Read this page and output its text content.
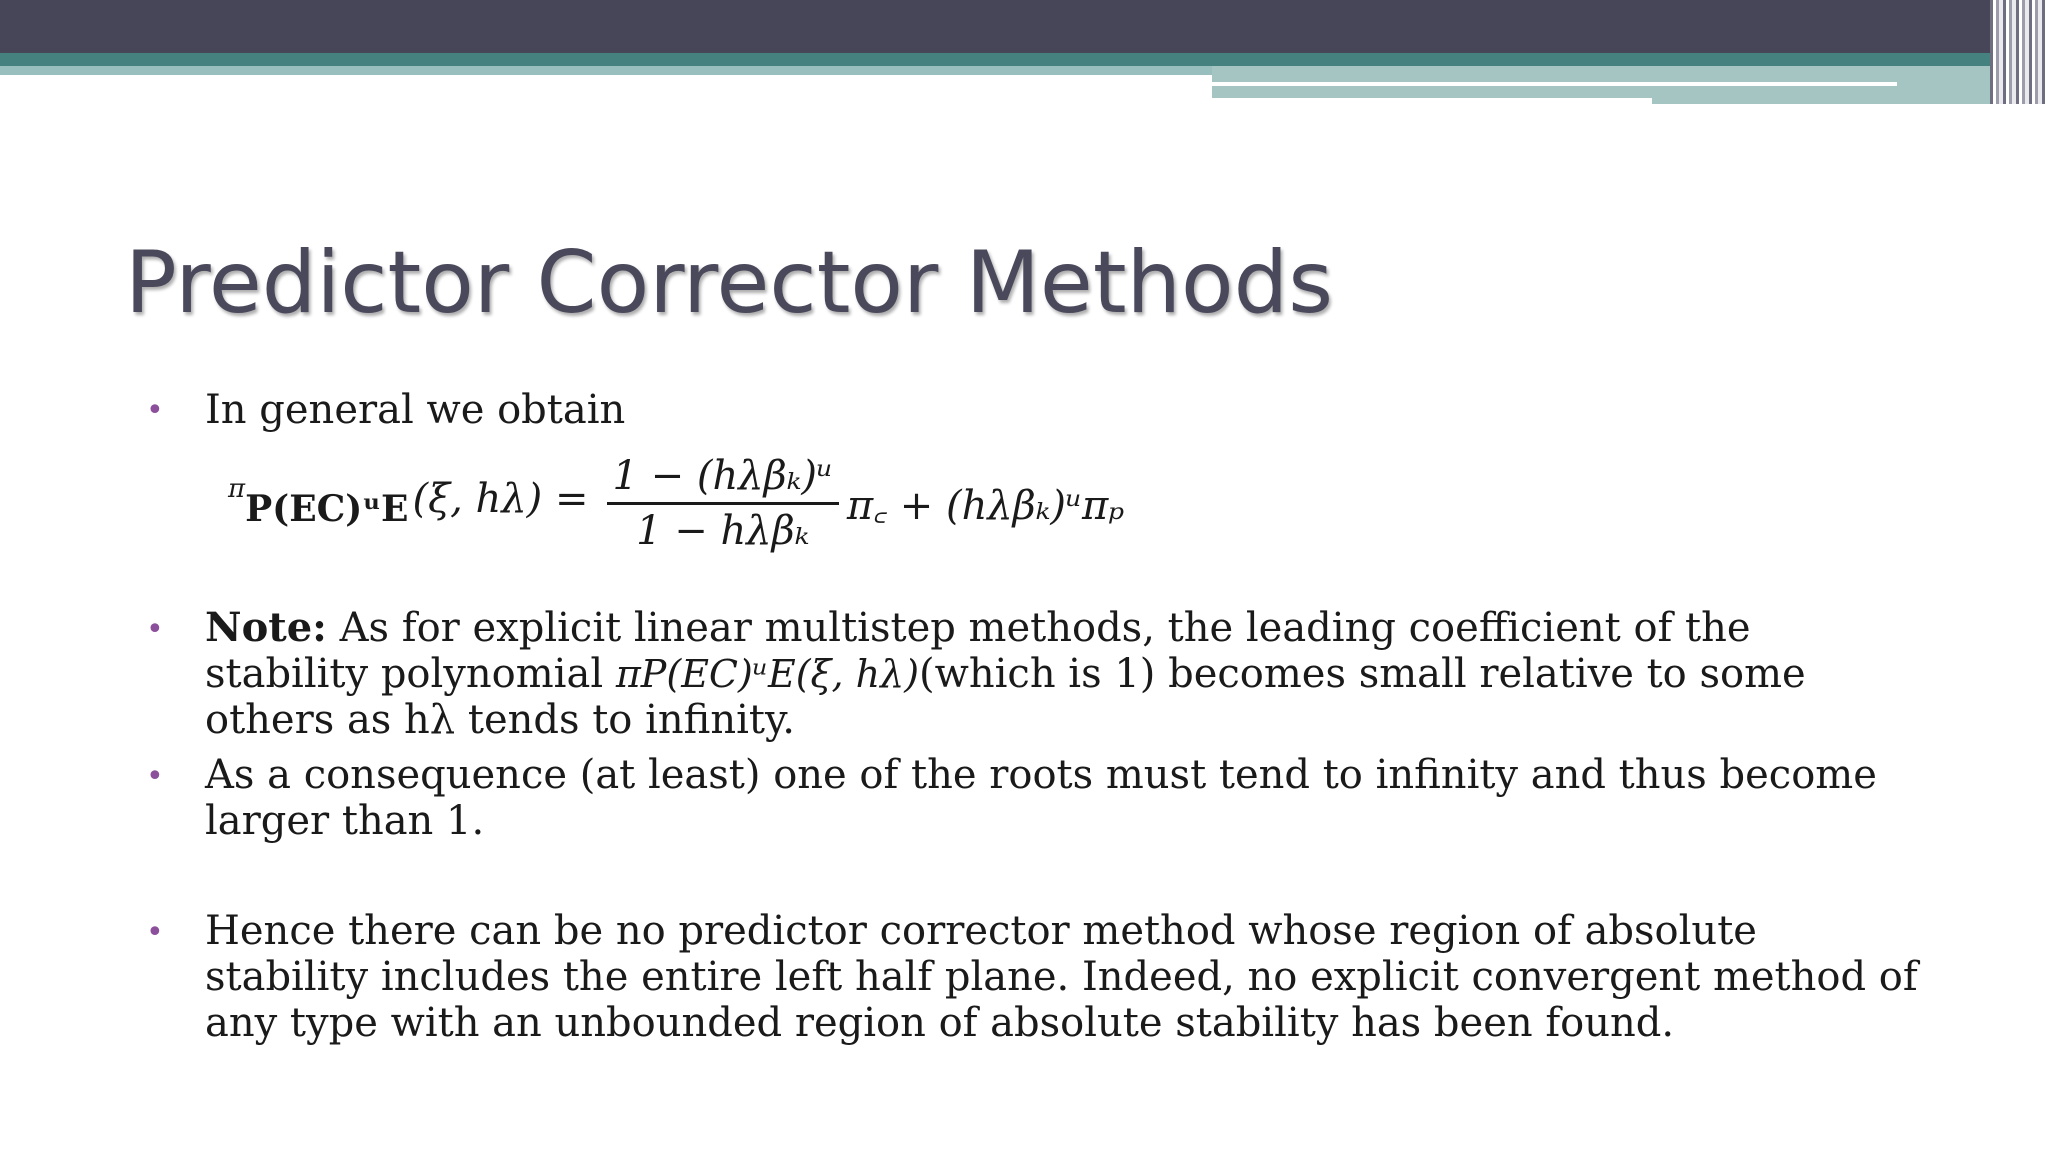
Predictor Corrector Methods
• In general we obtain

π P(EC)ᵘE (ξ, $h\lambda) = \frac{\text{1 − (hλβₖ)ᵘ}}{\text{1 − hλβₖ}}$ π꜀ + (hλβₖ)ᵘπₚ
• Note: As for explicit linear multistep methods, the leading coefficient of the stability polynomial πP(EC)ᵘE(ξ, hλ)(which is 1) becomes small relative to some others as hλ tends to infinity.

• As a consequence (at least) one of the roots must tend to infinity and thus become larger than 1.

• Hence there can be no predictor corrector method whose region of absolute stability includes the entire left half plane. Indeed, no explicit convergent method of any type with an unbounded region of absolute stability has been found.
